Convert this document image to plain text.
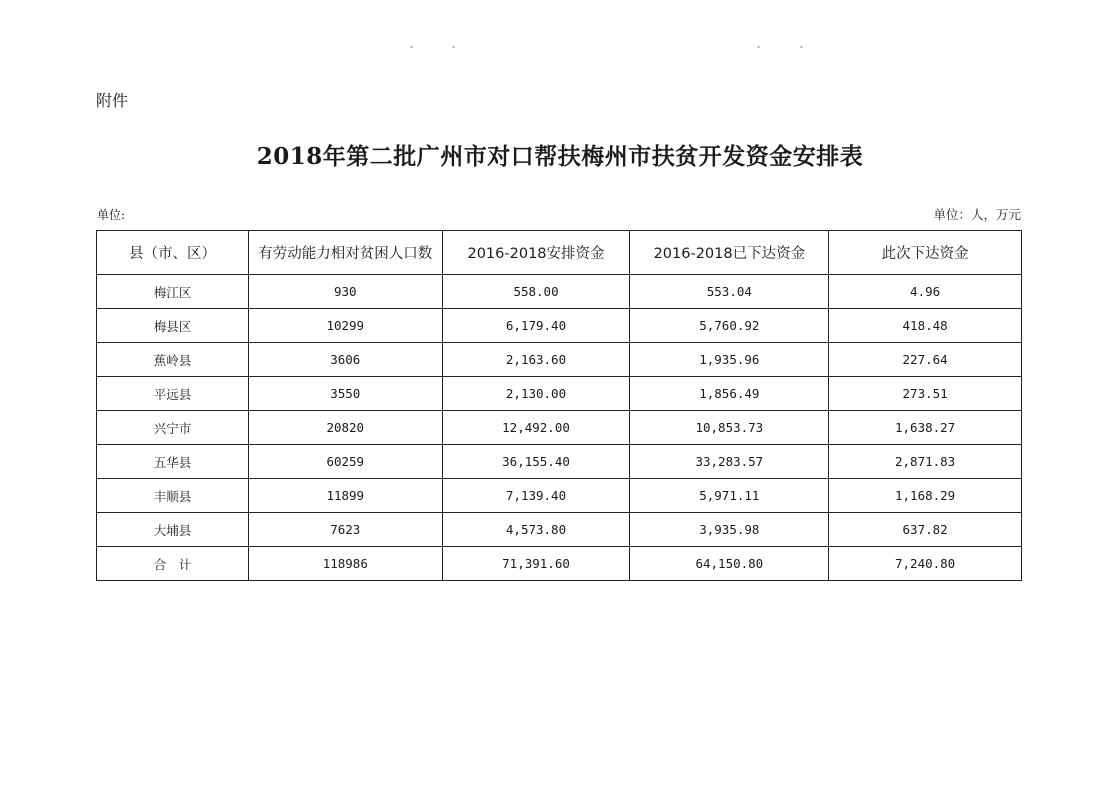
附件
2018年第二批广州市对口帮扶梅州市扶贫开发资金安排表
单位:	单位：人，万元
县（市、区）	有劳动能力相对贫困人口数	2016-2018安排资金	2016-2018已下达资金	此次下达资金
梅江区	930	558.00	553.04	4.96
梅县区	10299	6,179.40	5,760.92	418.48
蕉岭县	3606	2,163.60	1,935.96	227.64
平远县	3550	2,130.00	1,856.49	273.51
兴宁市	20820	12,492.00	10,853.73	1,638.27
五华县	60259	36,155.40	33,283.57	2,871.83
丰顺县	11899	7,139.40	5,971.11	1,168.29
大埔县	7623	4,573.80	3,935.98	637.82
合　计	118986	71,391.60	64,150.80	7,240.80
